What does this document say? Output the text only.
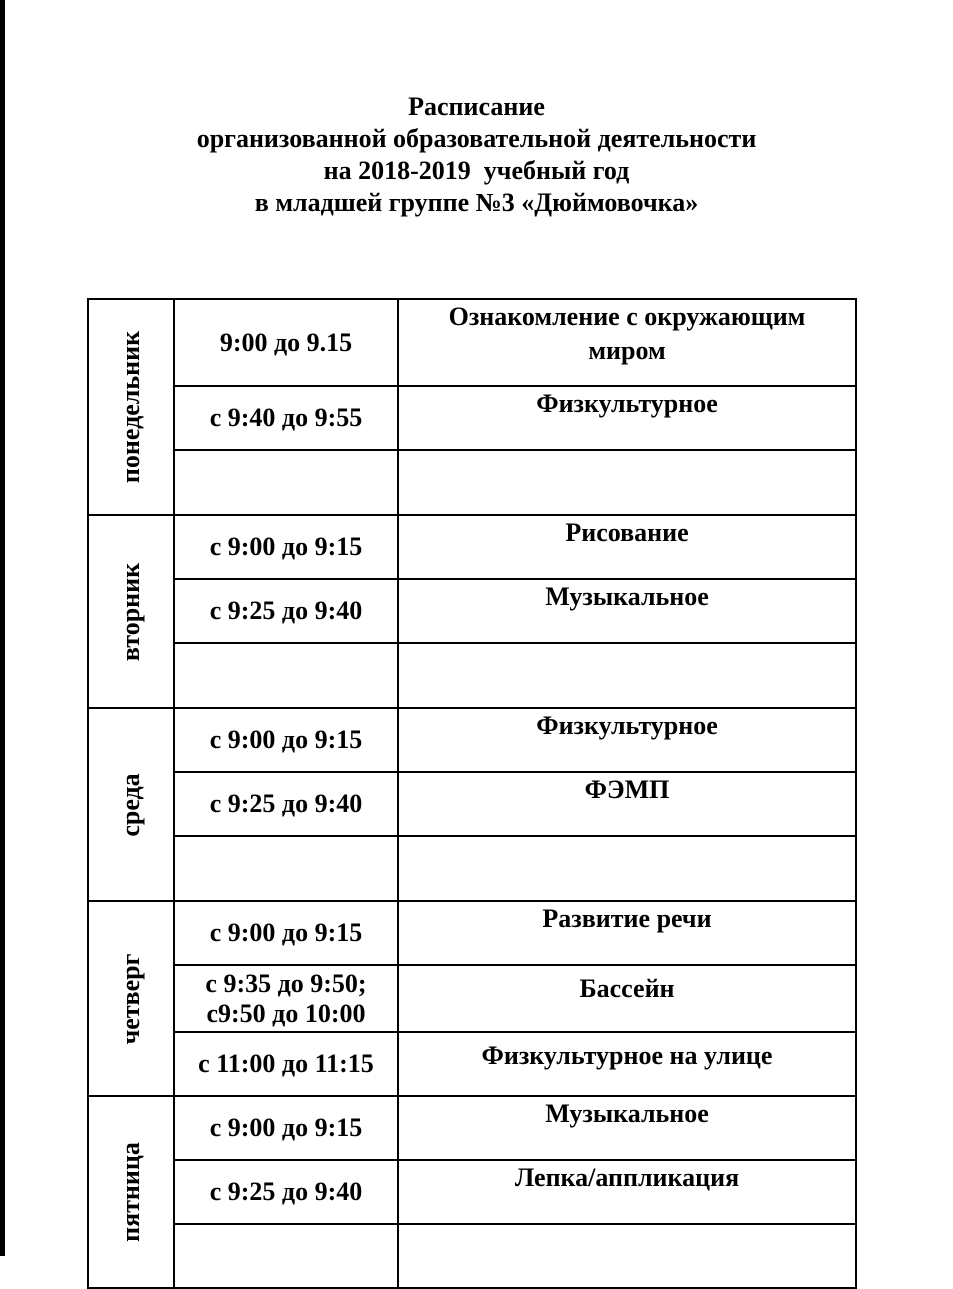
Расписание
организованной образовательной деятельности
на 2018-2019  учебный год
в младшей группе №3 «Дюймовочка»
понедельник	9:00 до 9.15	Ознакомление с окружающим
миром

	с 9:40 до 9:55	Физкультурное

вторник	с 9:00 до 9:15	Рисование

	с 9:25 до 9:40	Музыкальное

среда	с 9:00 до 9:15	Физкультурное

	с 9:25 до 9:40	ФЭМП

четверг	с 9:00 до 9:15	Развитие речи

	с 9:35 до 9:50;
с9:50 до 10:00	Бассейн

	с 11:00 до 11:15	Физкультурное на улице

пятница	с 9:00 до 9:15	Музыкальное

	с 9:25 до 9:40	Лепка/аппликация
